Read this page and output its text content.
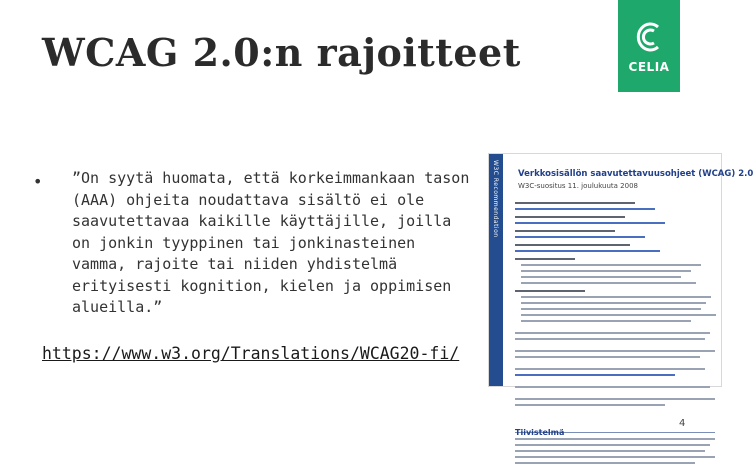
WCAG 2.0:n rajoitteet	CELIA
• ”On syytä huomata, että korkeimmankaan tason (AAA) ohjeita noudattava sisältö ei ole saavutettavaa kaikille käyttäjille, joilla on jonkin tyyppinen tai jonkinasteinen vamma, rajoite tai niiden yhdistelmä erityisesti kognition, kielen ja oppimisen alueilla.”
https://www.w3.org/Translations/WCAG20-fi/
W3C Recommendation Verkkosisällön saavutettavuusohjeet (WCAG) 2.0
W3C-suositus 11. joulukuuta 2008
Tiivistelmä
4
